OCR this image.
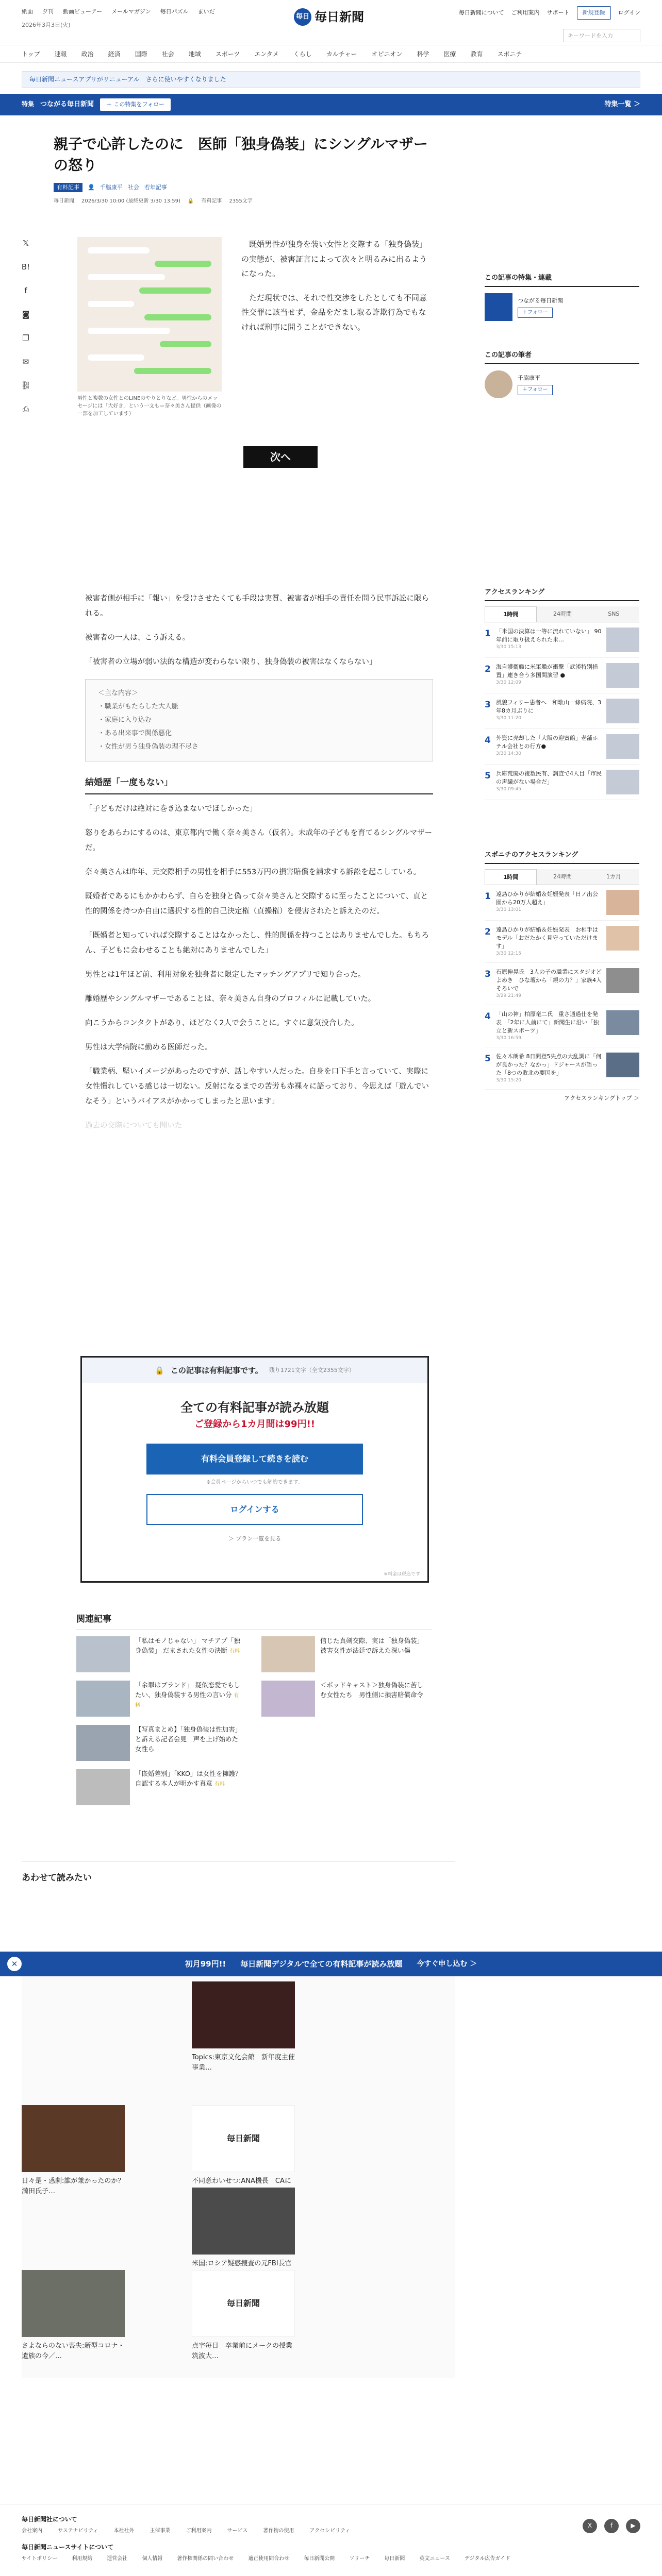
紙面 夕刊 動画ビューアー メールマガジン 毎日パズル まいだ
2026年3月3日(火)
毎日 毎日新聞	毎日新聞について ご利用案内 サポート	新規登録	ログイン
キーワードを入力
トップ 速報 政治 経済 国際 社会 地域 スポーツ エンタメ くらし カルチャー オピニオン 科学 医療 教育 スポニチ
毎日新聞ニュースアプリがリニューアル　さらに使いやすくなりました
特集 つながる毎日新聞	＋ この特集をフォロー	特集一覧 ＞
𝕏
B!
f
◙
❐
✉
⛓
⎙
親子で心許したのに　医師「独身偽装」にシングルマザーの怒り
有料記事	👤 千脇康平 社会 若年記事
毎日新聞 2026/3/30 10:00 (最終更新 3/30 13:59) 🔒 有料記事 2355文字
男性と複数の女性とのLINEのやりとりなど。男性からのメッセージには「大好き」という一文も＝奈々美さん提供（画像の一部を加工しています）

既婚男性が独身を装い女性と交際する「独身偽装」の実態が、被害証言によって次々と明るみに出るようになった。

ただ現状では、それで性交渉をしたとしても不同意性交罪に該当せず、金品をだまし取る詐欺行為でもなければ刑事に問うことができない。

次へ

被害者側が相手に「報い」を受けさせたくても手段は実質、被害者が相手の責任を問う民事訴訟に限られる。

被害者の一人は、こう訴える。

「被害者の立場が弱い法的な構造が変わらない限り、独身偽装の被害はなくならない」

＜主な内容＞
・職業がもたらした大人脈
・家庭に入り込む
・ある出来事で関係悪化
・女性が男う独身偽装の理不尽さ
結婚歴「一度もない」

「子どもだけは絶対に巻き込まないでほしかった」

怒りをあらわにするのは、東京都内で働く奈々美さん（仮名）。未成年の子どもを育てるシングルマザーだ。

奈々美さんは昨年、元交際相手の男性を相手に553万円の損害賠償を請求する訴訟を起こしている。

既婚者であるにもかかわらず、自らを独身と偽って奈々美さんと交際するに至ったことについて、貞と性的関係を持つか自由に選択する性的自己決定権（貞操権）を侵害されたと訴えたのだ。

「既婚者と知っていれば交際することはなかったし、性的関係を持つことはありませんでした。もちろん、子どもに会わせることも絶対にありませんでした」

男性とは1年ほど前、利用対象を独身者に限定したマッチングアプリで知り合った。

離婚歴やシングルマザーであることは、奈々美さん自身のプロフィルに記載していた。

向こうからコンタクトがあり、ほどなく2人で会うことに。すぐに意気投合した。

男性は大学病院に勤める医師だった。

「職業柄、堅いイメージがあったのですが、話しやすい人だった。自身を口下手と言っていて、実際に女性慣れしている感じは一切ない。反射になるまでの苦労も赤裸々に語っており、今思えば「遊んでいなそう」というバイアスがかかってしまったと思います」

過去の交際についても聞いた

🔒 この記事は有料記事です。 残り1721文字（全文2355文字）
全ての有料記事が読み放題
ご登録から1カ月間は99円!!
有料会員登録して続きを読む
※会員ページからいつでも解約できます。
ログインする
＞ プラン一覧を見る
※料金は税込です
関連記事
「私はモノじゃない」 マチアプ「独身偽装」 だまされた女性の決断 有料
信じた真剣交際、実は「独身偽装」　被害女性が法廷で訴えた深い傷
「余罪はブランド」 疑似恋愛でもしたい、独身偽装する男性の言い分 有料
＜ポッドキャスト＞独身偽装に苦しむ女性たち　男性側に損害賠償命令
【写真まとめ】「独身偽装は性加害」と訴える記者会見　声を上げ始めた女性ら
「嵌婚差別」「KKO」は女性を擁護？　自認する本人が明かす真意 有料
あわせて読みたい
この記事の特集・連載
つながる毎日新聞
＋フォロー
この記事の筆者
千脇康平
＋フォロー
アクセスランキング
1時間	24時間	SNS
1 「米国の決算は一等に流れていない」 90年前に取り扱えられた米…
3/30 15:13
2 海自護衛艦に米軍艦が衝撃「武漢特別措置」連き合う多国間演習 ●
3/30 12:09
3 風貌フィリー患者へ　和歌山一條病院、3年8カ月ぶりに
3/30 11:20
4 外資に売却した「大阪の迎賓館」老舗ホテル会社との行方●
3/30 14:30
5 兵庫荒廃の複数民有、調査で4人目「市民の声繊がない場合だ」
3/30 09:45
スポニチのアクセスランキング
1時間	24時間	1カ月
1 遠島ひかりが結婚＆妊娠発表「日ノ出公園から20万人超え」
3/30 13:01
2 遠島ひかりが結婚＆妊娠発表　お相手はモデル「おだたかく見守っていただけます」
3/30 12:15
3 石原伸晃氏　3人の子の職業にスタジオどよめき　ひな壇から「親の力？」家族4人そろいで
3/29 21:49
4 「山の神」柏原竜二氏　重さ通過仕を発表　「2年に人前にて」新聞生に沿い「独立と新スポーツ」
3/30 16:59
5 佐々木朗希 8日間登5失点の大乱調に「何が良かった？なかっ」ドジャースが語った「8つの敗北の要因を」
3/30 15:20
アクセスランキングトップ ＞
✕	初月99円!! 毎日新聞デジタルで全ての有料記事が読み放題 今すぐ申し込む ＞
Topics:東京文化会館　新年度主催事業…
日々是・惑劇:誰が兼かったのか？満田氏子…
毎日新聞
不同意わいせつ:ANA機長　CAに
米国:ロシア疑惑捜査の元FBI長官　
さよならのない喪失:新型コロナ・遺族の今／…
毎日新聞
点字毎日　卒業前にメークの授業　筑波大…
毎日新聞社について
会社案内	サステナビリティ	本社社外	主催事業	ご利用案内	サービス	著作物の使用	アクセシビリティ
毎日新聞ニュースサイトについて
サイトポリシー	利用規約	運営会社	個人情報	著作権関係の問い合わせ	適正使用問合わせ	毎日新聞公開	ソリーチ	毎日新聞	英文ニュース	デジタル広告ガイド
X	f	▶
